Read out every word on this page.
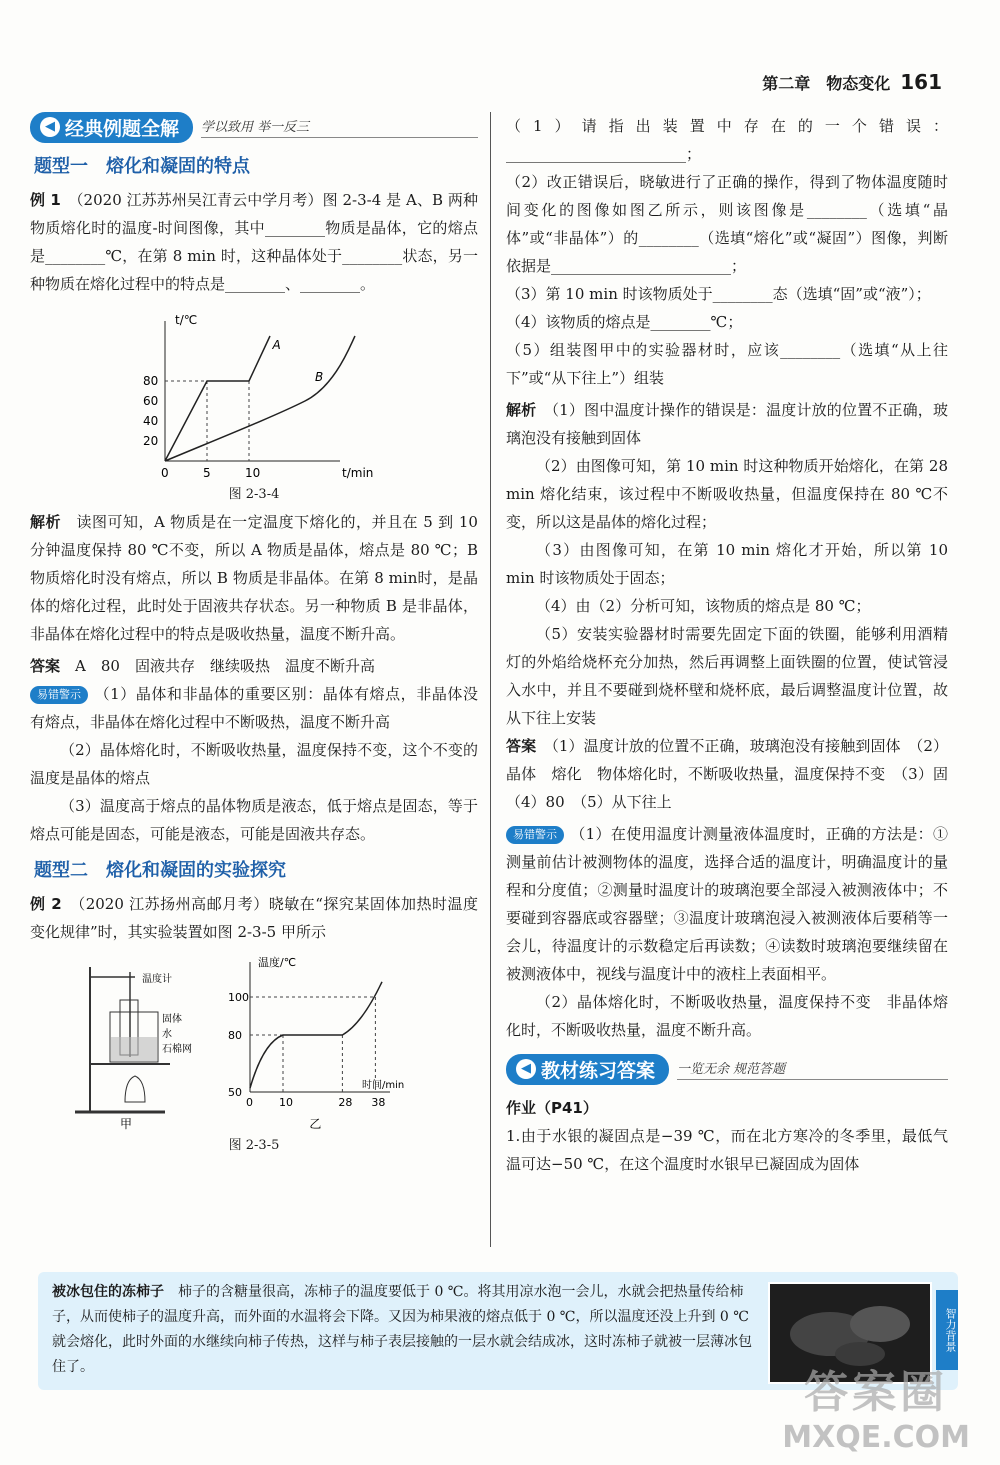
第二章　物态变化 161
◀ 经典例题全解 学以致用 举一反三
题型一　熔化和凝固的特点

例 1　 （2020 江苏苏州吴江青云中学月考）图 2-3-4 是 A、B 两种物质熔化时的温度-时间图像，其中________物质是晶体，它的熔点是________℃，在第 8 min 时，这种晶体处于________状态，另一种物质在熔化过程中的特点是________、________。

t/℃
t/min
20
40
60
80
0	5	10
A
B
图 2-3-4

解析　 读图可知，A 物质是在一定温度下熔化的，并且在 5 到 10 分钟温度保持 80 ℃不变，所以 A 物质是晶体，熔点是 80 ℃；B 物质熔化时没有熔点，所以 B 物质是非晶体。在第 8 min时，是晶体的熔化过程，此时处于固液共存状态。另一种物质 B 是非晶体，非晶体在熔化过程中的特点是吸收热量，温度不断升高。

答案　 A　80　固液共存　继续吸热　温度不断升高

易错警示 （1）晶体和非晶体的重要区别：晶体有熔点，非晶体没有熔点，非晶体在熔化过程中不断吸热，温度不断升高

（2）晶体熔化时，不断吸收热量，温度保持不变，这个不变的温度是晶体的熔点

（3）温度高于熔点的晶体物质是液态，低于熔点是固态，等于熔点可能是固态，可能是液态，可能是固液共存态。

题型二　熔化和凝固的实验探究

例 2　 （2020 江苏扬州高邮月考）晓敏在“探究某固体加热时温度变化规律”时，其实验装置如图 2-3-5 甲所示

温度计
固体
水
石棉网
甲
温度/℃
时间/min
50
80
100
0 10	28 38
乙
图 2-3-5

（1）请指出装置中存在的一个错误：________________________；

（2）改正错误后，晓敏进行了正确的操作，得到了物体温度随时间变化的图像如图乙所示，则该图像是________（选填“晶体”或“非晶体”）的________（选填“熔化”或“凝固”）图像，判断依据是________________________；

（3）第 10 min 时该物质处于________态（选填“固”或“液”）；

（4）该物质的熔点是________℃；

（5）组装图甲中的实验器材时，应该________（选填“从上往下”或“从下往上”）组装

解析　 （1）图中温度计操作的错误是：温度计放的位置不正确，玻璃泡没有接触到固体

（2）由图像可知，第 10 min 时这种物质开始熔化，在第 28 min 熔化结束，该过程中不断吸收热量，但温度保持在 80 ℃不变，所以这是晶体的熔化过程；

（3）由图像可知，在第 10 min 熔化才开始，所以第 10 min 时该物质处于固态；

（4）由（2）分析可知，该物质的熔点是 80 ℃；

（5）安装实验器材时需要先固定下面的铁圈，能够利用酒精灯的外焰给烧杯充分加热，然后再调整上面铁圈的位置，使试管浸入水中，并且不要碰到烧杯壁和烧杯底，最后调整温度计位置，故从下往上安装

答案　 （1）温度计放的位置不正确，玻璃泡没有接触到固体　（2）晶体　熔化　物体熔化时，不断吸收热量，温度保持不变　（3）固　（4）80　（5）从下往上

易错警示 （1）在使用温度计测量液体温度时，正确的方法是：①测量前估计被测物体的温度，选择合适的温度计，明确温度计的量程和分度值；②测量时温度计的玻璃泡要全部浸入被测液体中；不要碰到容器底或容器壁；③温度计玻璃泡浸入被测液体后要稍等一会儿，待温度计的示数稳定后再读数；④读数时玻璃泡要继续留在被测液体中，视线与温度计中的液柱上表面相平。

（2）晶体熔化时，不断吸收热量，温度保持不变　非晶体熔化时，不断吸收热量，温度不断升高。

◀ 教材练习答案 一览无余 规范答题

作业（P41）

1.由于水银的凝固点是−39 ℃，而在北方寒冷的冬季里，最低气温可达−50 ℃，在这个温度时水银早已凝固成为固体

被冰包住的冻柿子　 柿子的含糖量很高，冻柿子的温度要低于 0 ℃。将其用凉水泡一会儿，水就会把热量传给柿子，从而使柿子的温度升高，而外面的水温将会下降。又因为柿果液的熔点低于 0 ℃，所以温度还没上升到 0 ℃就会熔化，此时外面的水继续向柿子传热，这样与柿子表层接触的一层水就会结成冰，这时冻柿子就被一层薄冰包住了。
智力背景
答案圈
MXQE.COM
